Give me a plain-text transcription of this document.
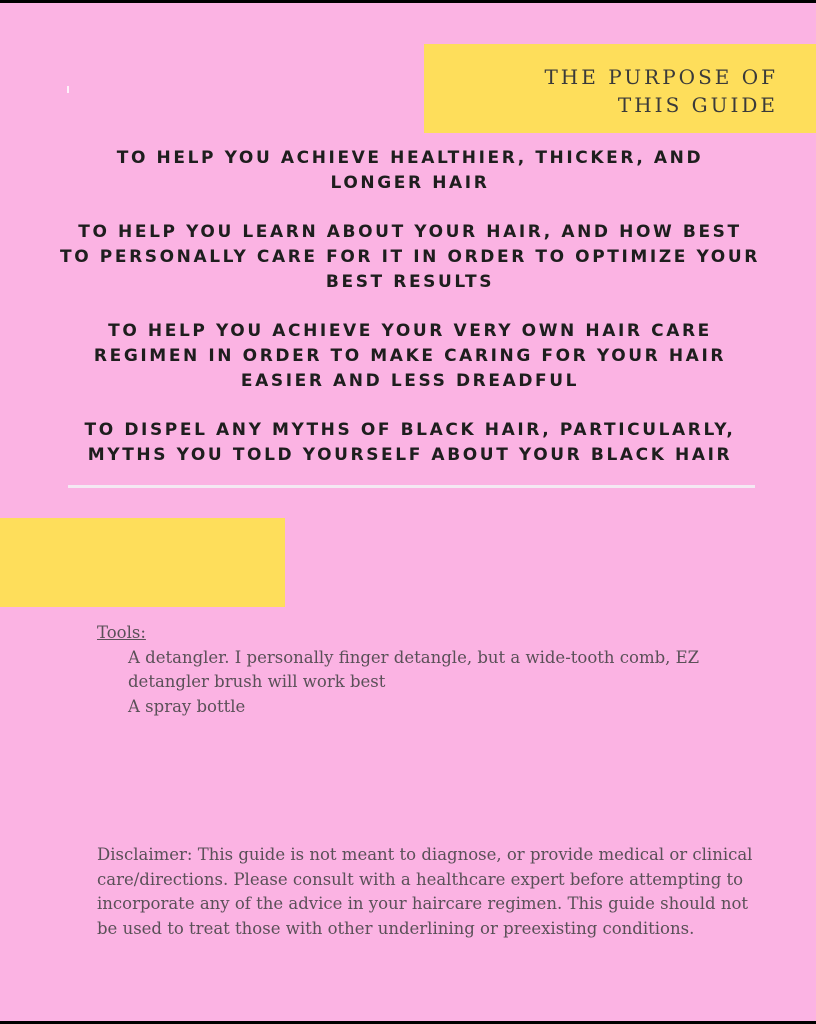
THE PURPOSE OF
THIS GUIDE

TO HELP YOU ACHIEVE HEALTHIER, THICKER, AND LONGER HAIR

TO HELP YOU LEARN ABOUT YOUR HAIR, AND HOW BEST TO PERSONALLY CARE FOR IT IN ORDER TO OPTIMIZE YOUR BEST RESULTS

TO HELP YOU ACHIEVE YOUR VERY OWN HAIR CARE REGIMEN IN ORDER TO MAKE CARING FOR YOUR HAIR EASIER AND LESS DREADFUL

TO DISPEL ANY MYTHS OF BLACK HAIR, PARTICULARLY, MYTHS YOU TOLD YOURSELF ABOUT YOUR BLACK HAIR

Tools:
A detangler. I personally finger detangle, but a wide-tooth comb, EZ detangler brush will work best
A spray bottle
Disclaimer: This guide is not meant to diagnose, or provide medical or clinical care/directions. Please consult with a healthcare expert before attempting to incorporate any of the advice in your haircare regimen. This guide should not be used to treat those with other underlining or preexisting conditions.
